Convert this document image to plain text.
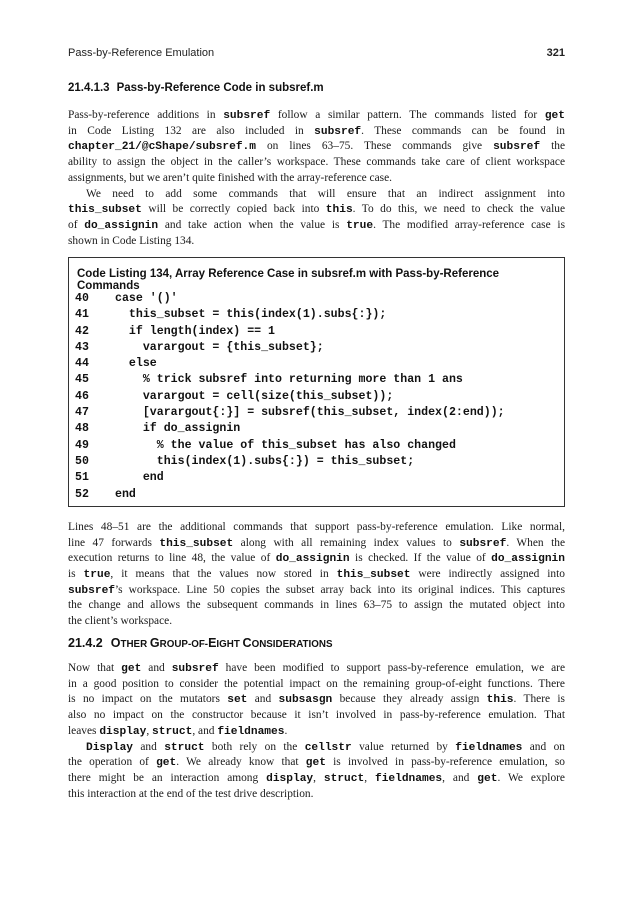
Pass-by-Reference Emulation	321
21.4.1.3 Pass-by-Reference Code in subsref.m
Pass-by-reference additions in subsref follow a similar pattern. The commands listed for get
in Code Listing 132 are also included in subsref. These commands can be found in
chapter_21/@cShape/subsref.m on lines 63–75. These commands give subsref the
ability to assign the object in the caller’s workspace. These commands take care of client workspace
assignments, but we aren’t quite finished with the array-reference case.
We need to add some commands that will ensure that an indirect assignment into
this_subset will be correctly copied back into this. To do this, we need to check the value
of do_assignin and take action when the value is true. The modified array-reference case is
shown in Code Listing 134.
Code Listing 134, Array Reference Case in subsref.m with Pass-by-Reference Commands
40 case '()'
41  this_subset = this(index(1).subs{:});
42  if length(index) == 1
43    varargout = {this_subset};
44  else
45    % trick subsref into returning more than 1 ans
46    varargout = cell(size(this_subset));
47    [varargout{:}] = subsref(this_subset, index(2:end));
48    if do_assignin
49      % the value of this_subset has also changed
50      this(index(1).subs{:}) = this_subset;
51    end
52 end
Lines 48–51 are the additional commands that support pass-by-reference emulation. Like normal,
line 47 forwards this_subset along with all remaining index values to subsref. When the
execution returns to line 48, the value of do_assignin is checked. If the value of do_assignin
is true, it means that the values now stored in this_subset were indirectly assigned into
subsref’s workspace. Line 50 copies the subset array back into its original indices. This captures
the change and allows the subsequent commands in lines 63–75 to assign the mutated object into
the client’s workspace.
21.4.2 OTHER GROUP-OF-EIGHT CONSIDERATIONS
Now that get and subsref have been modified to support pass-by-reference emulation, we are
in a good position to consider the potential impact on the remaining group-of-eight functions. There
is no impact on the mutators set and subsasgn because they already assign this. There is
also no impact on the constructor because it isn’t involved in pass-by-reference emulation. That
leaves display, struct, and fieldnames.
Display and struct both rely on the cellstr value returned by fieldnames and on
the operation of get. We already know that get is involved in pass-by-reference emulation, so
there might be an interaction among display, struct, fieldnames, and get. We explore
this interaction at the end of the test drive description.
